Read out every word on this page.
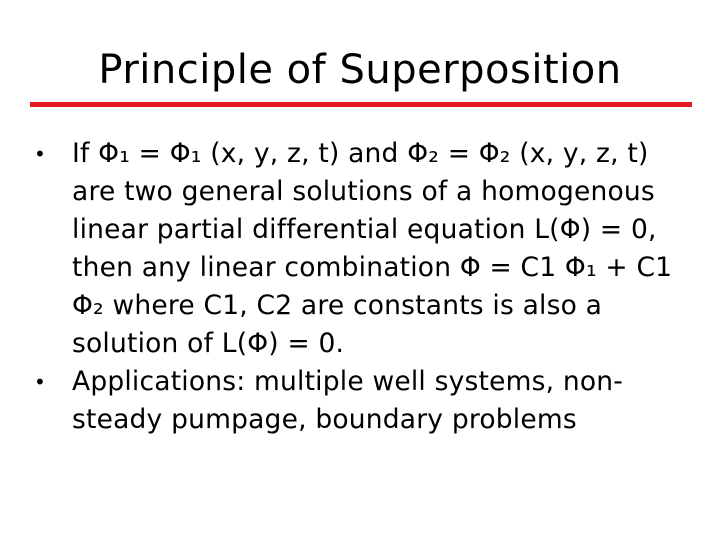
Principle of Superposition
• If Φ₁ = Φ₁ (x, y, z, t) and Φ₂ = Φ₂ (x, y, z, t) are two general solutions of a homogenous linear partial differential equation L(Φ) = 0, then any linear combination Φ = C1 Φ₁ + C1 Φ₂ where C1, C2 are constants is also a solution of L(Φ) = 0.
• Applications: multiple well systems, non-steady pumpage, boundary problems
